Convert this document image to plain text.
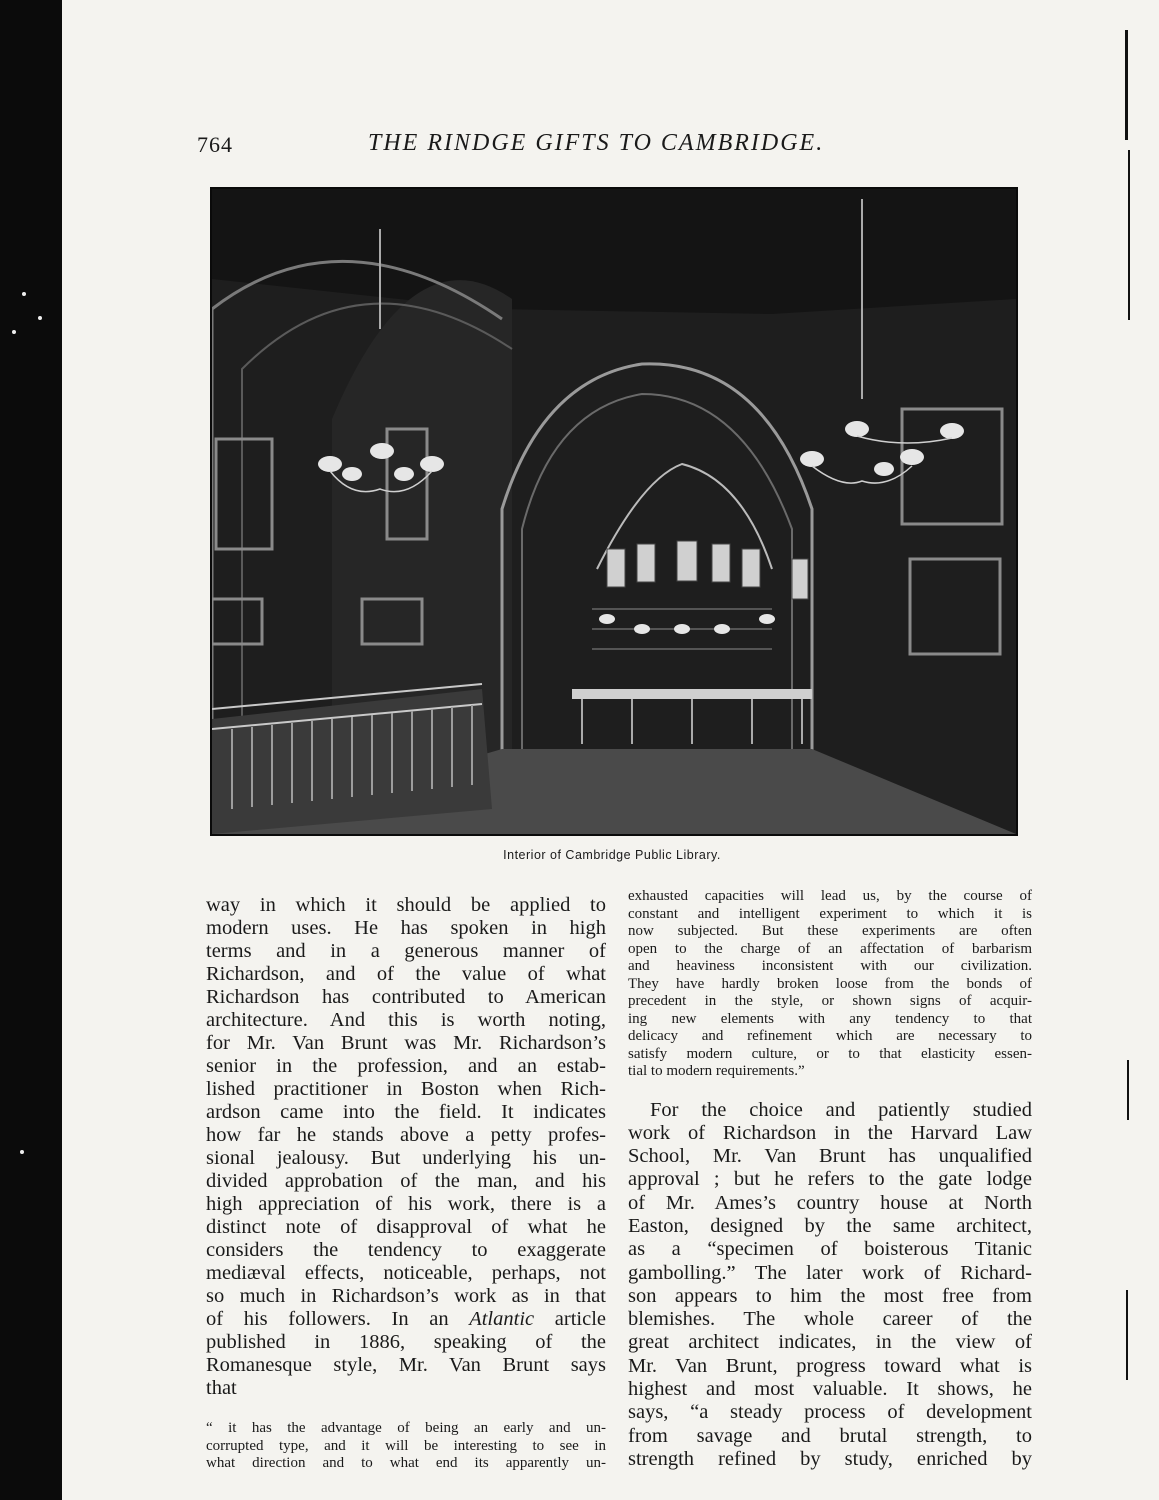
764	THE RINDGE GIFTS TO CAMBRIDGE.
Interior of Cambridge Public Library.
way in which it should be applied to
modern uses. He has spoken in high
terms and in a generous manner of
Richardson, and of the value of what
Richardson has contributed to American
architecture. And this is worth noting,
for Mr. Van Brunt was Mr. Richardson’s
senior in the profession, and an estab-
lished practitioner in Boston when Rich-
ardson came into the field. It indicates
how far he stands above a petty profes-
sional jealousy. But underlying his un-
divided approbation of the man, and his
high appreciation of his work, there is a
distinct note of disapproval of what he
considers the tendency to exaggerate
mediæval effects, noticeable, perhaps, not
so much in Richardson’s work as in that
of his followers. In an Atlantic article
published in 1886, speaking of the
Romanesque style, Mr. Van Brunt says
that
“ it has the advantage of being an early and un-
corrupted type, and it will be interesting to see in
what direction and to what end its apparently un-
exhausted capacities will lead us, by the course of
constant and intelligent experiment to which it is
now subjected. But these experiments are often
open to the charge of an affectation of barbarism
and heaviness inconsistent with our civilization.
They have hardly broken loose from the bonds of
precedent in the style, or shown signs of acquir-
ing new elements with any tendency to that
delicacy and refinement which are necessary to
satisfy modern culture, or to that elasticity essen-
tial to modern requirements.”
For the choice and patiently studied
work of Richardson in the Harvard Law
School, Mr. Van Brunt has unqualified
approval ; but he refers to the gate lodge
of Mr. Ames’s country house at North
Easton, designed by the same architect,
as a “specimen of boisterous Titanic
gambolling.” The later work of Richard-
son appears to him the most free from
blemishes. The whole career of the
great architect indicates, in the view of
Mr. Van Brunt, progress toward what is
highest and most valuable. It shows, he
says, “a steady process of development
from savage and brutal strength, to
strength refined by study, enriched by
